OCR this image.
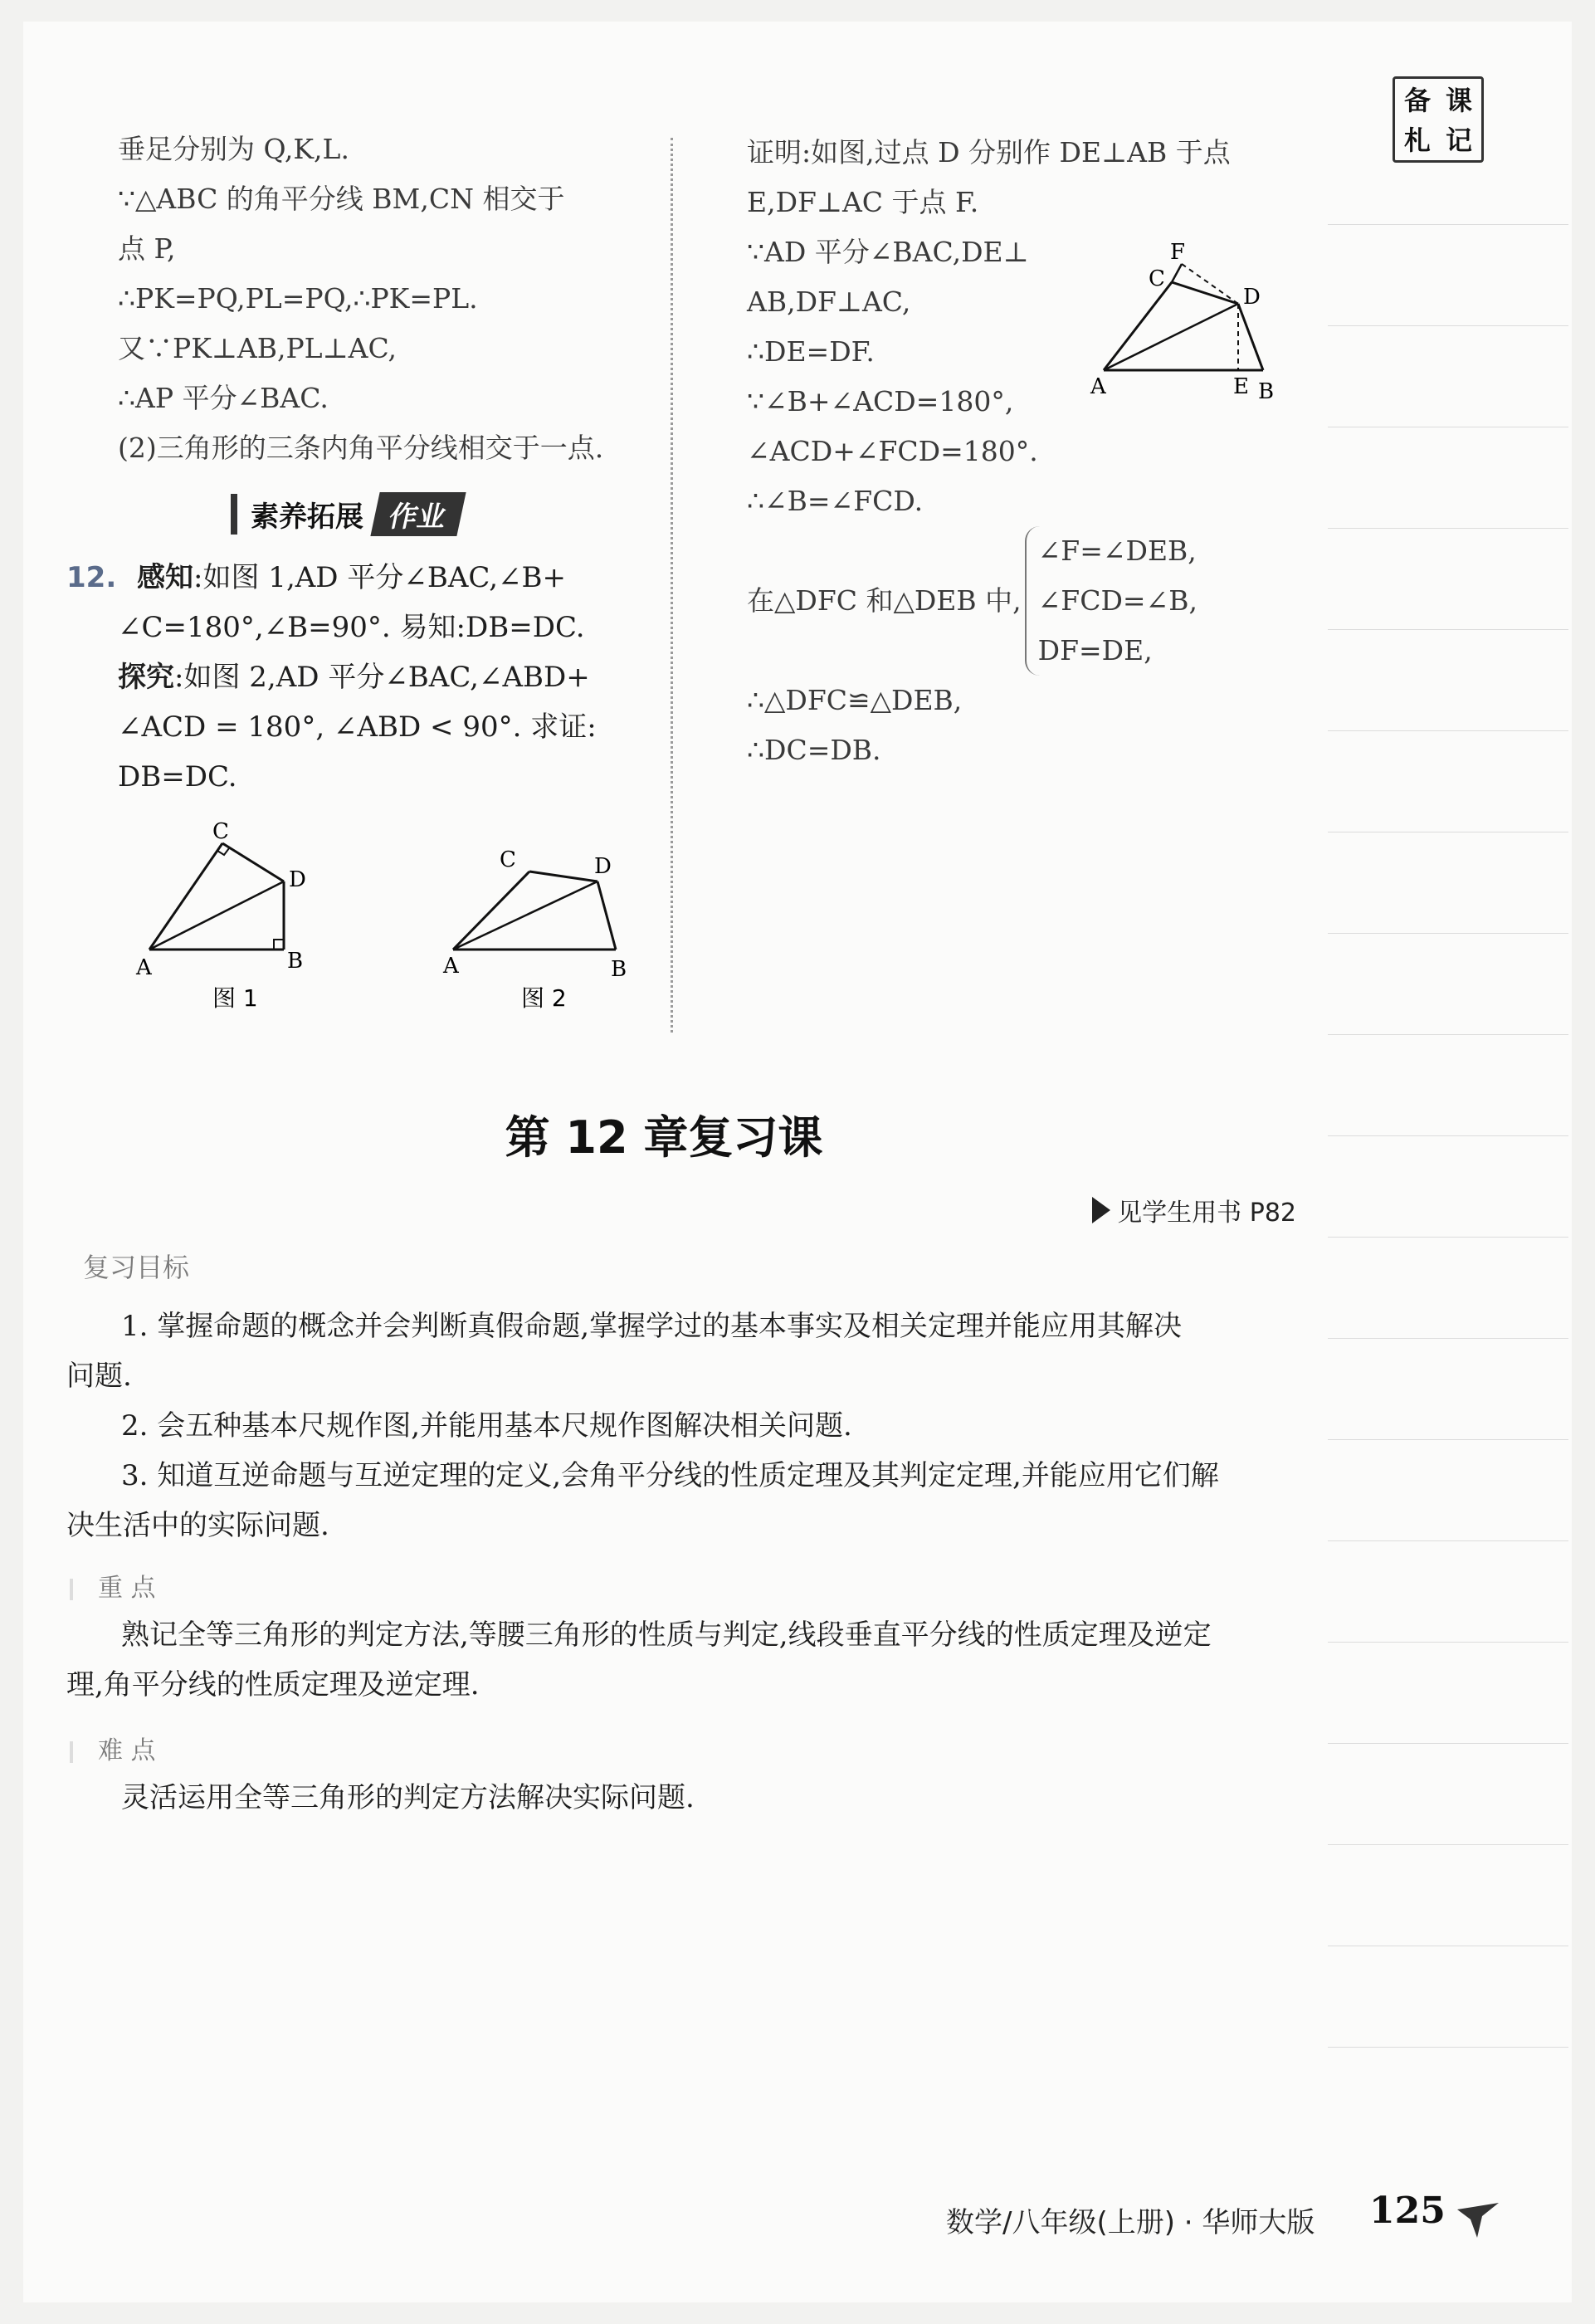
备 课
札 记
垂足分别为 Q,K,L.
∵△ABC 的角平分线 BM,CN 相交于
点 P,
∴PK=PQ,PL=PQ,∴PK=PL.
又∵PK⊥AB,PL⊥AC,
∴AP 平分∠BAC.
(2)三角形的三条内角平分线相交于一点.
素养拓展 作业
12. 感知:如图 1,AD 平分∠BAC,∠B+
∠C=180°,∠B=90°. 易知:DB=DC.
探究:如图 2,AD 平分∠BAC,∠ABD+
∠ACD = 180°, ∠ABD < 90°. 求证:
DB=DC.
C
D
A	B
图 1
C	D
A	B
图 2
证明:如图,过点 D 分别作 DE⊥AB 于点
E,DF⊥AC 于点 F.
∵AD 平分∠BAC,DE⊥
AB,DF⊥AC,
∴DE=DF.
∵∠B+∠ACD=180°,
∠ACD+∠FCD=180°.
∴∠B=∠FCD.
F
C
D
A	E B
在△DFC 和△DEB 中,
∠F=∠DEB,
∠FCD=∠B,
DF=DE,
∴△DFC≌△DEB,
∴DC=DB.
第 12 章复习课
见学生用书 P82
复习目标
1. 掌握命题的概念并会判断真假命题,掌握学过的基本事实及相关定理并能应用其解决
问题.
2. 会五种基本尺规作图,并能用基本尺规作图解决相关问题.
3. 知道互逆命题与互逆定理的定义,会角平分线的性质定理及其判定定理,并能应用它们解
决生活中的实际问题.
重 点
熟记全等三角形的判定方法,等腰三角形的性质与判定,线段垂直平分线的性质定理及逆定
理,角平分线的性质定理及逆定理.
难 点
灵活运用全等三角形的判定方法解决实际问题.
数学/八年级(上册) · 华师大版 125
